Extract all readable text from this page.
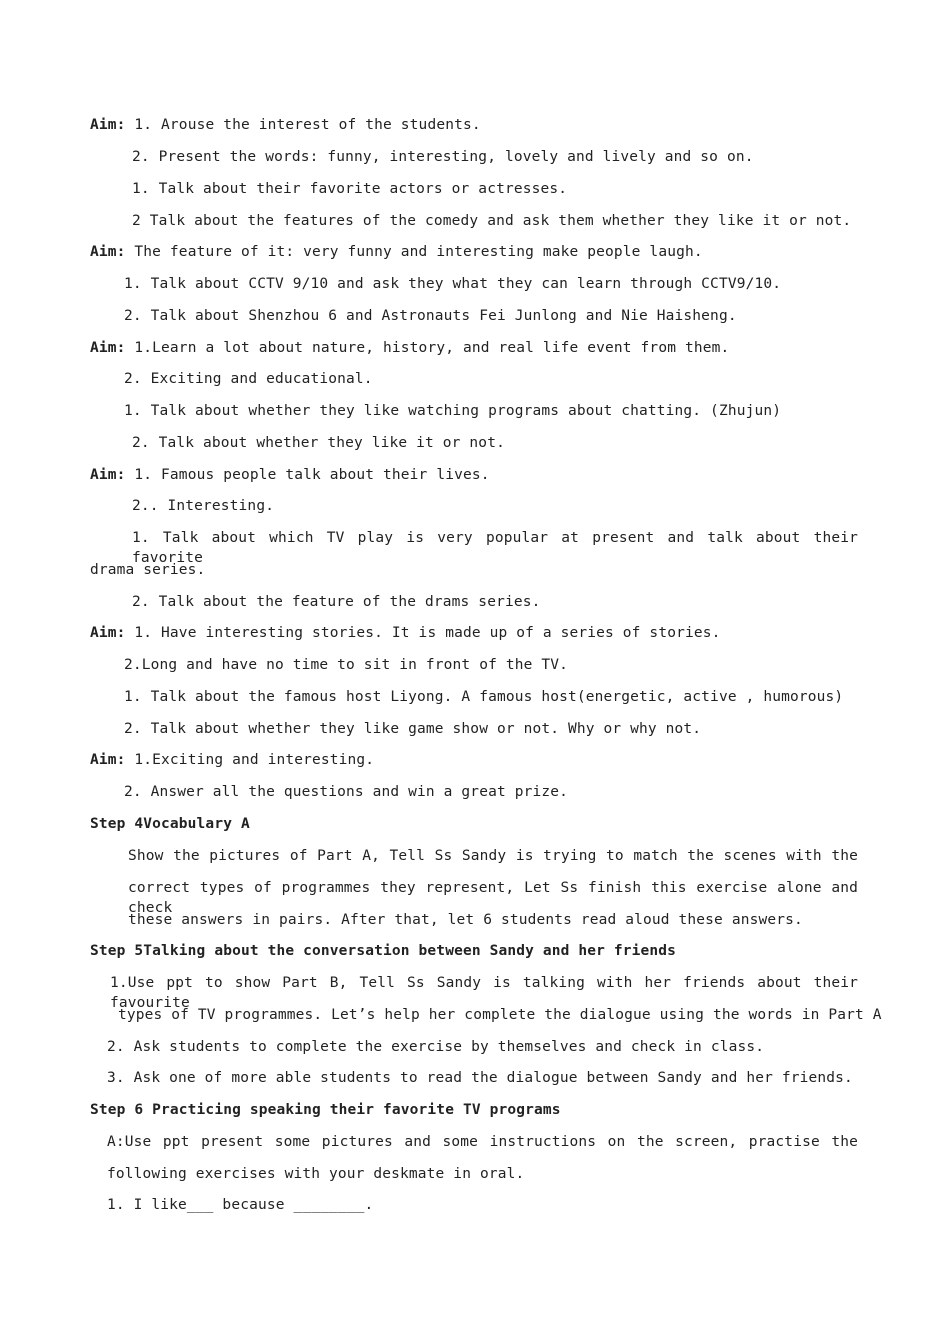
Aim: 1. Arouse the interest of the students.
2. Present the words: funny, interesting, lovely and lively and so on.
1. Talk about their favorite actors or actresses.
2 Talk about the features of the comedy and ask them whether they like it or not.
Aim: The feature of it: very funny and interesting make people laugh.
1. Talk about CCTV 9/10 and ask they what they can learn through CCTV9/10.
2. Talk about Shenzhou 6 and Astronauts Fei Junlong and Nie Haisheng.
Aim: 1.Learn a lot about nature, history, and real life event from them.
2. Exciting and educational.
1. Talk about whether they like watching programs about chatting. (Zhujun)
2. Talk about whether they like it or not.
Aim: 1. Famous people talk about their lives.
2.. Interesting.
1. Talk about which TV play is very popular at present and talk about their favorite
drama series.
2. Talk about the feature of the drams series.
Aim: 1. Have interesting stories. It is made up of a series of stories.
2.Long and have no time to sit in front of the TV.
1. Talk about the famous host Liyong. A famous host(energetic, active , humorous)
2. Talk about whether they like game show or not. Why or why not.
Aim: 1.Exciting and interesting.
2. Answer all the questions and win a great prize.
Step 4Vocabulary A
Show the pictures of Part A, Tell Ss Sandy is trying to match the scenes with the
correct types of programmes they represent, Let Ss finish this exercise alone and check
these answers in pairs. After that, let 6 students read aloud these answers.
Step 5Talking about the conversation between Sandy and her friends
1.Use ppt to show Part B, Tell Ss Sandy is talking with her friends about their favourite
types of TV programmes. Let’s help her complete the dialogue using the words in Part A
2. Ask students to complete the exercise by themselves and check in class.
3. Ask one of more able students to read the dialogue between Sandy and her friends.
Step 6 Practicing speaking their favorite TV programs
A:Use ppt present some pictures and some instructions on the screen, practise the
following exercises with your deskmate in oral.
1. I like___ because ________.
